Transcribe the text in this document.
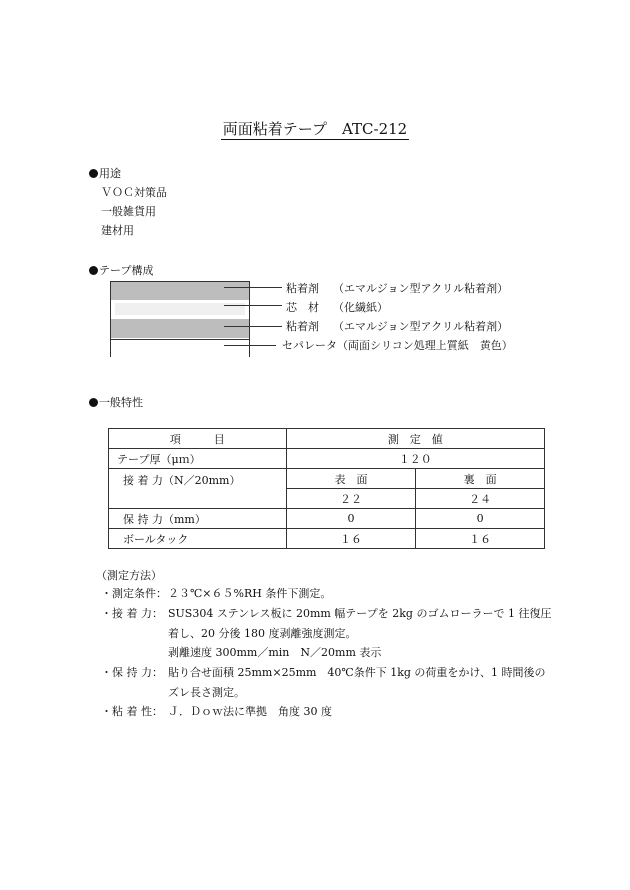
両面粘着テープ　ATC-212
用途
ＶＯＣ対策品
一般雑貨用
建材用
テープ構成
粘着剤 （エマルジョン型アクリル粘着剤）
芯　材 （化繊紙）
粘着剤 （エマルジョン型アクリル粘着剤）
セパレータ（両面シリコン処理上質紙　黄色）
一般特性
項　　　目	測　定　値	
テープ厚（μｍ）	１２０	
接 着 力（N／20mm）	表　面	裏　面
	２２	２４
保 持 力（mm）	0	0
ボールタック	１６	１６
（測定方法）
・測定条件： ２３℃×６５%RH 条件下測定。
・接 着 力： SUS304 ステンレス板に 20mm 幅テープを 2kg のゴムローラーで 1 往復圧
着し、20 分後 180 度剥離強度測定。
剥離速度 300mm／min　N／20mm 表示
・保 持 力： 貼り合せ面積 25mm×25mm　40℃条件下 1kg の荷重をかけ、1 時間後の
ズレ長さ測定。
・粘 着 性： Ｊ．Ｄｏｗ法に準拠　角度 30 度
